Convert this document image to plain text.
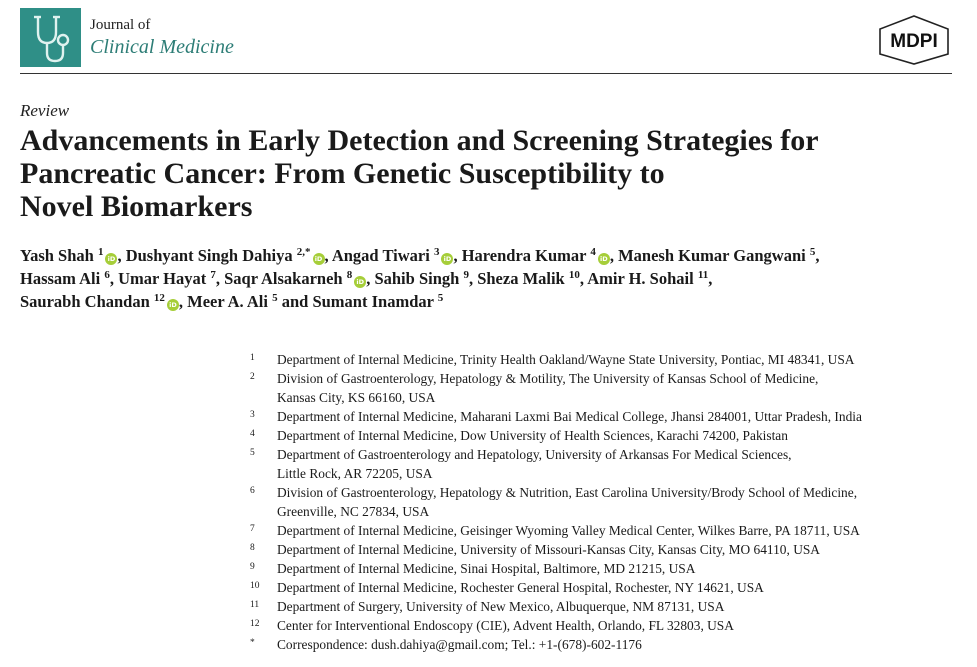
Journal of
Clinical Medicine	MDPI
Review
Advancements in Early Detection and Screening Strategies for
Pancreatic Cancer: From Genetic Susceptibility to
Novel Biomarkers
Yash Shah $^1$iD , Dushyant Singh Dahiya $^{2,*}$iD , Angad Tiwari $^3$iD , Harendra Kumar $^4$iD , Manesh Kumar Gangwani $^5$,
Hassam Ali $^6$, Umar Hayat $^7$, Saqr Alsakarneh $^8$iD , Sahib Singh $^9$, Sheza Malik $^{10}$, Amir H. Sohail $^{11}$,
Saurabh Chandan $^{12}$iD , Meer A. Ali $^5$ and Sumant Inamdar $^5$
1 Department of Internal Medicine, Trinity Health Oakland/Wayne State University, Pontiac, MI 48341, USA
2 Division of Gastroenterology, Hepatology & Motility, The University of Kansas School of Medicine,
Kansas City, KS 66160, USA
3 Department of Internal Medicine, Maharani Laxmi Bai Medical College, Jhansi 284001, Uttar Pradesh, India
4 Department of Internal Medicine, Dow University of Health Sciences, Karachi 74200, Pakistan
5 Department of Gastroenterology and Hepatology, University of Arkansas For Medical Sciences,
Little Rock, AR 72205, USA
6 Division of Gastroenterology, Hepatology & Nutrition, East Carolina University/Brody School of Medicine,
Greenville, NC 27834, USA
7 Department of Internal Medicine, Geisinger Wyoming Valley Medical Center, Wilkes Barre, PA 18711, USA
8 Department of Internal Medicine, University of Missouri-Kansas City, Kansas City, MO 64110, USA
9 Department of Internal Medicine, Sinai Hospital, Baltimore, MD 21215, USA
10 Department of Internal Medicine, Rochester General Hospital, Rochester, NY 14621, USA
11 Department of Surgery, University of New Mexico, Albuquerque, NM 87131, USA
12 Center for Interventional Endoscopy (CIE), Advent Health, Orlando, FL 32803, USA
* Correspondence: dush.dahiya@gmail.com; Tel.: +1-(678)-602-1176
